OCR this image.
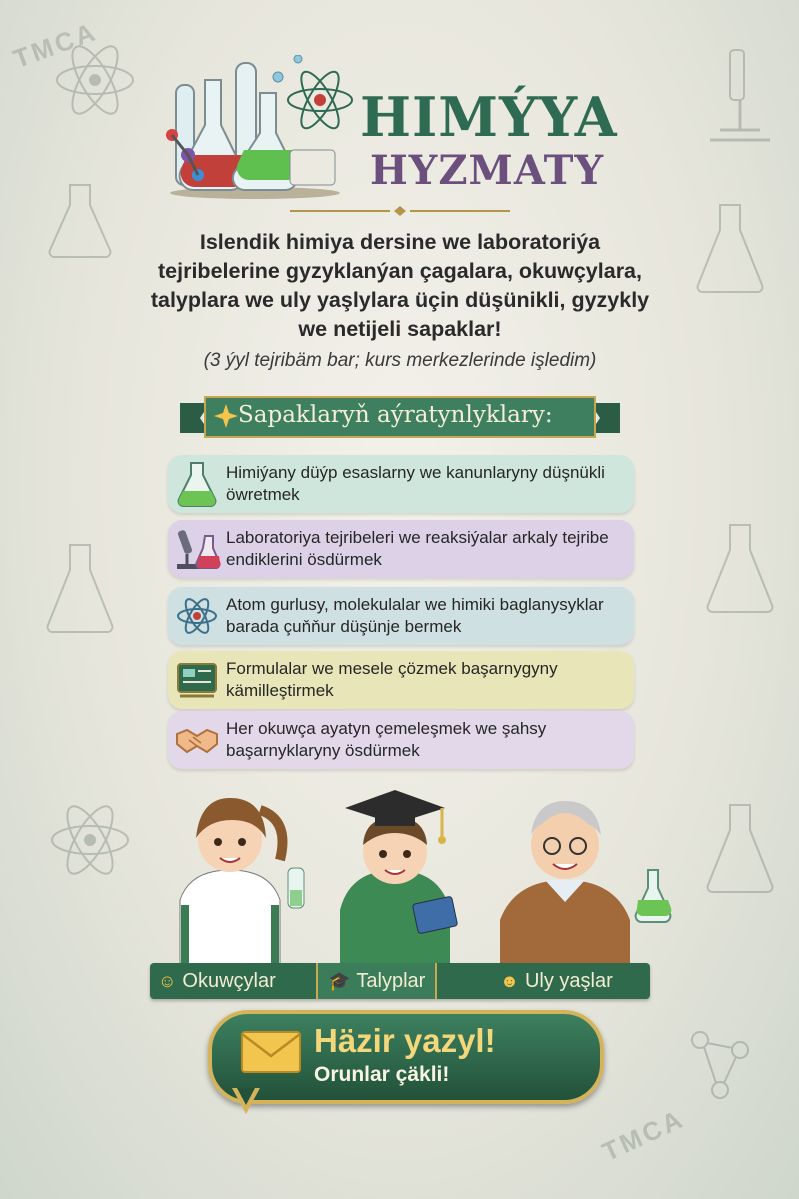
TMCA
HIMÝYA
HYZMATY
Islendik himiya dersine we laboratoriýa tejribelerine gyzyklanýan çagalara, okuwçylara, talyplara we uly yaşlylara üçin düşünikli, gyzykly we netijeli sapaklar!
(3 ýyl tejribäm bar; kurs merkezlerinde işledim)
Sapaklaryň aýratynlyklary:
Himiýany düýp esaslarny we kanunlaryny düşnükli öwretmek
Laboratoriya tejribeleri we reaksiýalar arkaly tejribe endiklerini ösdürmek
Atom gurlusy, molekulalar we himiki baglanysyklar barada çuňňur düşünje bermek
Formulalar we mesele çözmek başarnygyny kämilleştirmek
Her okuwça ayatyn çemeleşmek we şahsy başarnyklaryny ösdürmek
☺ Okuwçylar	🎓 Talyplar	☻ Uly yaşlar
Häzir yazyl!
Orunlar çäkli!
TMCA
